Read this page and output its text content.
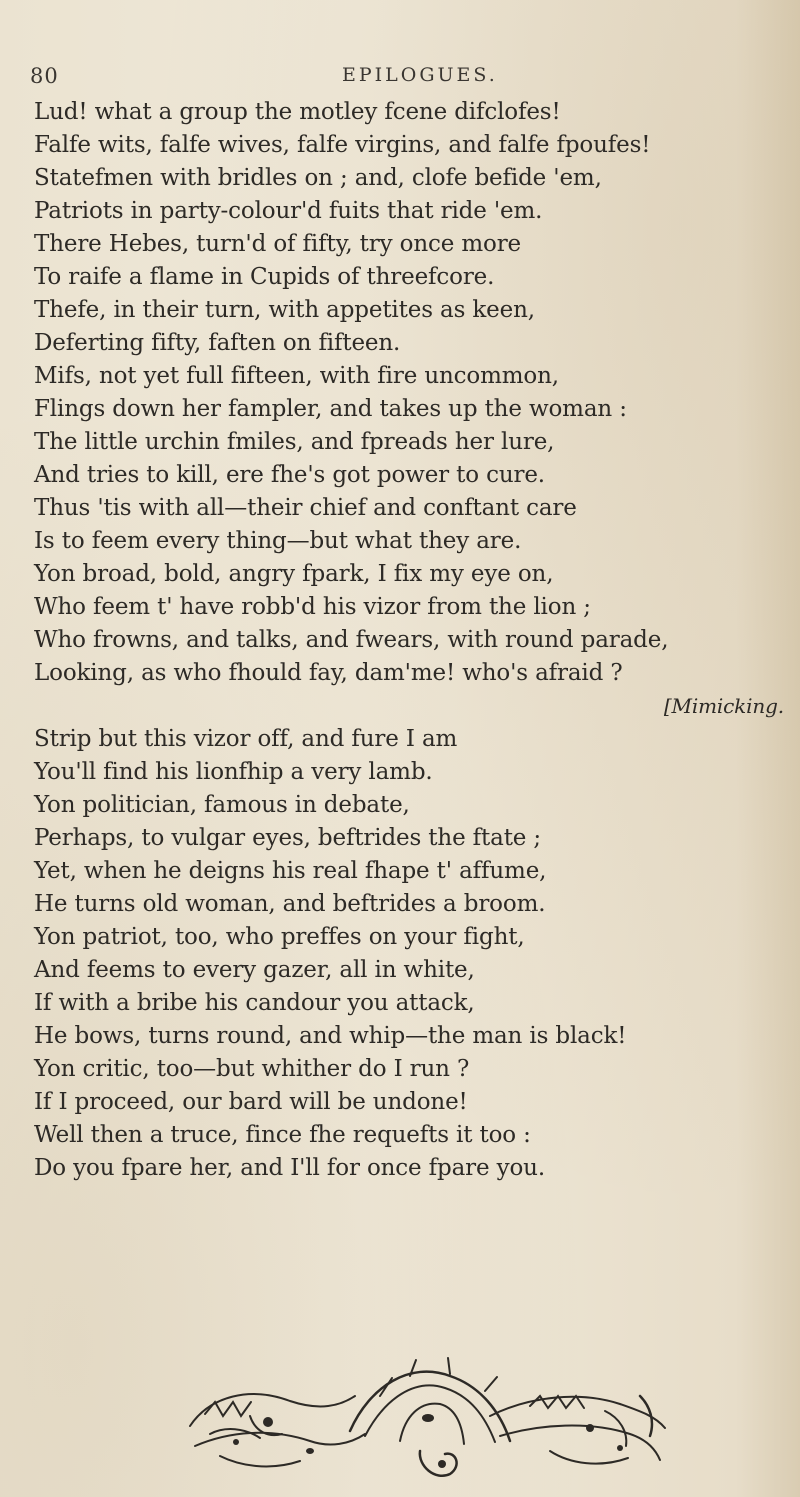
80	EPILOGUES.
Lud! what a group the motley fcene difclofes!
Falfe wits, falfe wives, falfe virgins, and falfe fpoufes!
Statefmen with bridles on ; and, clofe befide 'em,
Patriots in party-colour'd fuits that ride 'em.
There Hebes, turn'd of fifty, try once more
To raife a flame in Cupids of threefcore.
Thefe, in their turn, with appetites as keen,
Deferting fifty, faften on fifteen.
Mifs, not yet full fifteen, with fire uncommon,
Flings down her fampler, and takes up the woman :
The little urchin fmiles, and fpreads her lure,
And tries to kill, ere fhe's got power to cure.
Thus 'tis with all—their chief and conftant care
Is to feem every thing—but what they are.
Yon broad, bold, angry fpark, I fix my eye on,
Who feem t' have robb'd his vizor from the lion ;
Who frowns, and talks, and fwears, with round parade,
Looking, as who fhould fay, dam'me! who's afraid ?
[Mimicking.
Strip but this vizor off, and fure I am
You'll find his lionfhip a very lamb.
Yon politician, famous in debate,
Perhaps, to vulgar eyes, beftrides the ftate ;
Yet, when he deigns his real fhape t' affume,
He turns old woman, and beftrides a broom.
Yon patriot, too, who preffes on your fight,
And feems to every gazer, all in white,
If with a bribe his candour you attack,
He bows, turns round, and whip—the man is black!
Yon critic, too—but whither do I run ?
If I proceed, our bard will be undone!
Well then a truce, fince fhe requefts it too :
Do you fpare her, and I'll for once fpare you.
